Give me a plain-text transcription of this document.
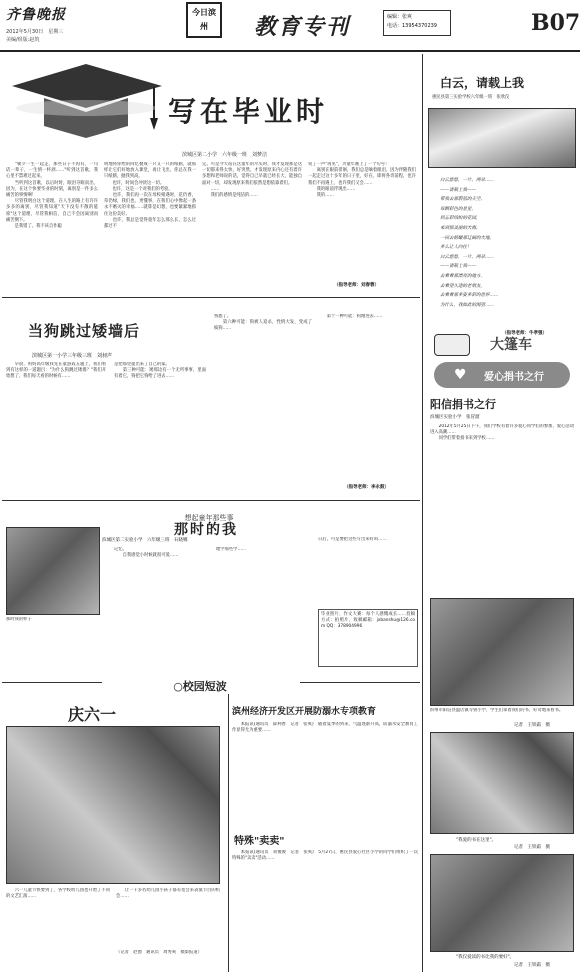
齐鲁晚报
2012年5月30日　星期三
美编/组版:赵筑
今日滨州	教育专刊	编辑：张爽
电话：13954370239	B07
写在毕业时
滨城区第二小学　六年级一班　刘梦洁
　　"朝夕一生一起走，那些日子不再有，一句话一辈子，一生情一杯酒……"听到这首歌，我心里不禁难过起来。
　　当听到这首歌，以后时时，眼泪夺眶而出，因为，在这个快要毕业的时刻，离别是一件多么痛苦的事情啊！
　　尽管我明白这个道理，在人生的路上有许许多多的离别，尽管我知道"天下没有不散的筵席"这个道理，尽管我相信，自己不会因离别而痛苦倒下。
　　是我错了。我不该自作聪
明地将你给的回忆叠成一只又一只的纸鹤，就那样让它们好地放入课堂，再让飞出，你总在我一只纸鹤，抛我到高。
　　也许，时间会冲淡这一切。
　　也许，这是一个对我们的考验。
　　也许，我们再一次在母校相遇时，花仍香，草仍绿，我们也，更懂事，在我们心中像起一条永不磨灭的幸福……就算是幻想，也要紧紧地抓住这份美好。
　　也许，我总是觉得童年怎么那么长，怎么过都过不
完。可是今天站在这童年的尽头时，我才发现那是这一切都来得太快，好突然，才发现原来内心还有着许多想和老师说的话，觉得自己早就已经长大，能独自面对一切，却发现原来我们依然是想依靠着们。
　　……
　　我们的感情是纯洁的……
说了一声"再见"，为童年画上了一个句号！
　　离别在眼前徘徊，我们总是噙着眼泪，因为伴随我们一起走过这十多年的日子里，好在，即将各奔前程，也许我们不再遇上，也许我们又会……
　　我的眼前浮现出……
　　我的……
（指导老师：刘春蓉）
白云，请载上我
惠民县第三实验学校六年级一班　张欣仪
白云悠悠，一片，两朵……
——请载上我——
带我去那蔚蓝的天空，
每颗彩色的星星，
到五彩缤纷的花园，
来到那美丽的大海，
一同去俯瞰那辽阔的大地，
多么让人向往！
白云悠悠，一片，两朵……
——请载上我——
去看看那漂亮的地方，
去看望久违的老朋友，
去看看那多姿多彩的世界……
为什么，我如此的渴望……
（指导老师：牛孝强）
大篷车
爱心捐书之行
♥
阳信捐书之行
滨城区实验小学　张冒溜
　　2012年5月25日下午，我们学校有着许多爱心同学们的参加，爱心活动进入高潮……
　　同学们带着捐书来到学校……
滨州市阳信县温店镇寺鲁小学，学生们拿着我们的书，好奇地来看书。
记者　王铁霜　摄
"我爱的书在这里"。
记者　王铁霜　摄
"我仅爱读的书比我的要好"。
记者　王铁霜　摄
当狗跳过矮墙后
滨城区第一小学三年级三班　刘昶声
　　早晨，妈妈高年级我先在童游戏五题上，我们看到有这样的一道题目："为什么狗跳过矮墙？"我们开始想了，我们每天看的时候有……
是把那里提出来了自己的家。
　　第三种可能：矮那边有一个无所事事，里面有着它，狗把它狗给了进去……
熟悉了。
　　第六种可能：狗被人追杀，性情大发，变成了疯狗……
　　第十一种可能：狗跑进去……
（指导老师：李永鼓）
想起童年那些事
那时的我
那时我的样子
滨城区第二实验小学　六年级三班　石晓娜
记忆。
　　自我感觉小时候就很可爱……
地学那些学……
日后，可是要把这些写出来好吗……
毕业照片、作文大赛：每个人感慨成长……投稿方式：拍照片，收稿邮箱：jxbanshu@126.com QQ：378904996
○校园短波
庆六一
　　六一儿童节快要到了，各学校幼儿园也开始了不同的文艺汇演……
　　让一千多名幼儿园小孩子都有宽会来表演节目的机会……
（记者　赵德　通讯员　周秀爽　摄影报道）
滨州经济开发区开展防溺水专项教育
　　本报讯(通讯员　薛利香　记者　张爽)　随着夏季的到来，气温逐渐升高，防溺水安全教育工作显得尤为重要……
特殊"卖卖"
　　本报讯(通讯员　蒋俊俊　记者　张爽)　5月27日，惠民县爱心社区小学的同学们组织了一次特殊的"卖卖"活动……
